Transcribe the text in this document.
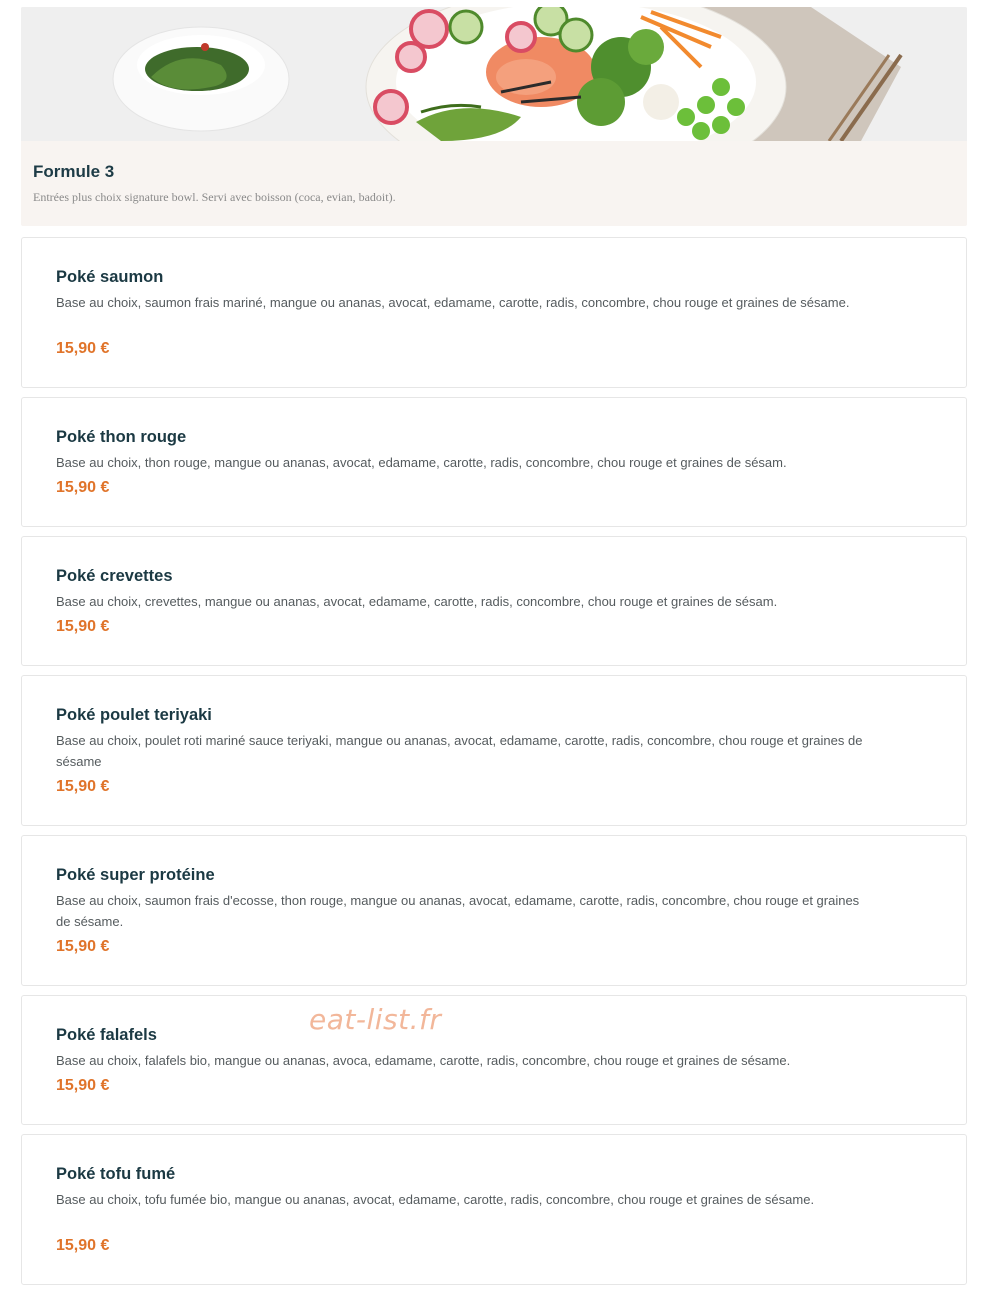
Formule 3
Entrées plus choix signature bowl. Servi avec boisson (coca, evian, badoit).
Poké saumon
Base au choix, saumon frais mariné, mangue ou ananas, avocat, edamame, carotte, radis, concombre, chou rouge et graines de sésame.
15,90 €
Poké thon rouge
Base au choix, thon rouge, mangue ou ananas, avocat, edamame, carotte, radis, concombre, chou rouge et graines de sésam.
15,90 €
Poké crevettes
Base au choix, crevettes, mangue ou ananas, avocat, edamame, carotte, radis, concombre, chou rouge et graines de sésam.
15,90 €
Poké poulet teriyaki
Base au choix, poulet roti mariné sauce teriyaki, mangue ou ananas, avocat, edamame, carotte, radis, concombre, chou rouge et graines de sésame
15,90 €
Poké super protéine
Base au choix, saumon frais d'ecosse, thon rouge, mangue ou ananas, avocat, edamame, carotte, radis, concombre, chou rouge et graines de sésame.
15,90 €
Poké falafels
Base au choix, falafels bio, mangue ou ananas, avoca, edamame, carotte, radis, concombre, chou rouge et graines de sésame.
15,90 €
Poké tofu fumé
Base au choix, tofu fumée bio, mangue ou ananas, avocat, edamame, carotte, radis, concombre, chou rouge et graines de sésame.
15,90 €
eat-list.fr
